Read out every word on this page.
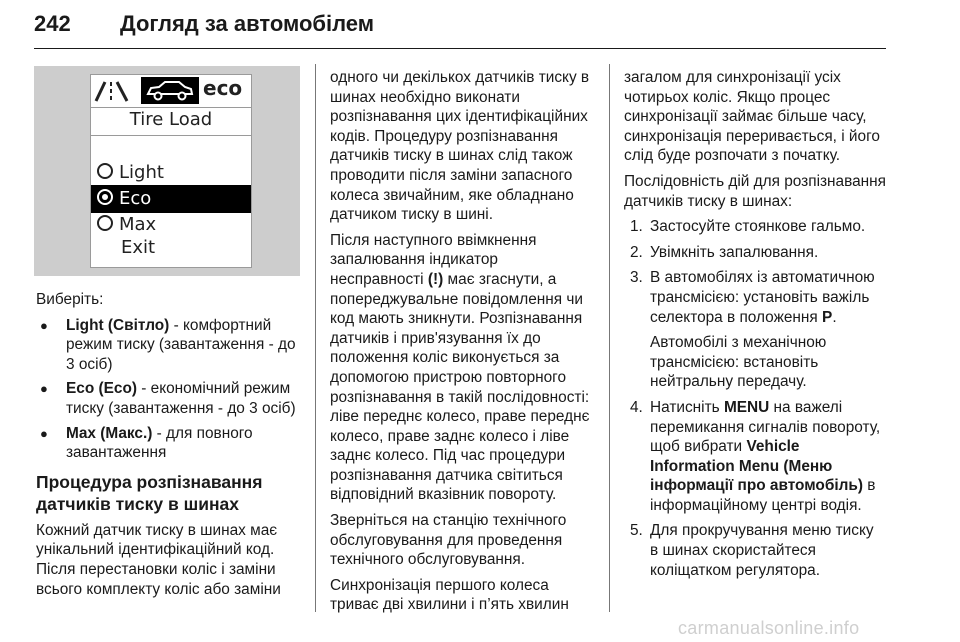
242 Догляд за автомобілем
eco
Tire Load
Light
Eco
Max
Exit

Виберіть:

● Light (Світло) - комфортний режим тиску (завантаження - до 3 осіб)
● Eco (Eco) - економічний режим тиску (завантаження - до 3 осіб)
● Max (Макс.) - для повного завантаження
Процедура розпізнавання датчиків тиску в шинах

Кожний датчик тиску в шинах має унікальний ідентифікаційний код. Після перестановки коліс і заміни всього комплекту коліс або заміни

одного чи декількох датчиків тиску в шинах необхідно виконати розпізнавання цих ідентифікаційних кодів. Процедуру розпізнавання датчиків тиску в шинах слід також проводити після заміни запасного колеса звичайним, яке обладнано датчиком тиску в шині.

Після наступного ввімкнення запалювання індикатор несправності (!) має згаснути, а попереджувальне повідомлення чи код мають зникнути. Розпізнавання датчиків і прив'язування їх до положення коліс виконується за допомогою пристрою повторного розпізнавання в такій послідовності: ліве переднє колесо, праве переднє колесо, праве заднє колесо і ліве заднє колесо. Під час процедури розпізнавання датчика світиться відповідний вказівник повороту.

Зверніться на станцію технічного обслуговування для проведення технічного обслуговування.

Синхронізація першого колеса триває дві хвилини і п’ять хвилин

загалом для синхронізації усіх чотирьох коліс. Якщо процес синхронізації займає більше часу, синхронізація переривається, і його слід буде розпочати з початку.

Послідовність дій для розпізнавання датчиків тиску в шинах:

1. Застосуйте стоянкове гальмо.
2. Увімкніть запалювання.
3. В автомобілях із автоматичною трансмісією: установіть важіль селектора в положення P.
Автомобілі з механічною трансмісією: встановіть нейтральну передачу.
4. Натисніть MENU на важелі перемикання сигналів повороту, щоб вибрати Vehicle Information Menu (Меню інформації про автомобіль) в інформаційному центрі водія.
5. Для прокручування меню тиску в шинах скористайтеся коліщатком регулятора.
carmanualsonline.info
